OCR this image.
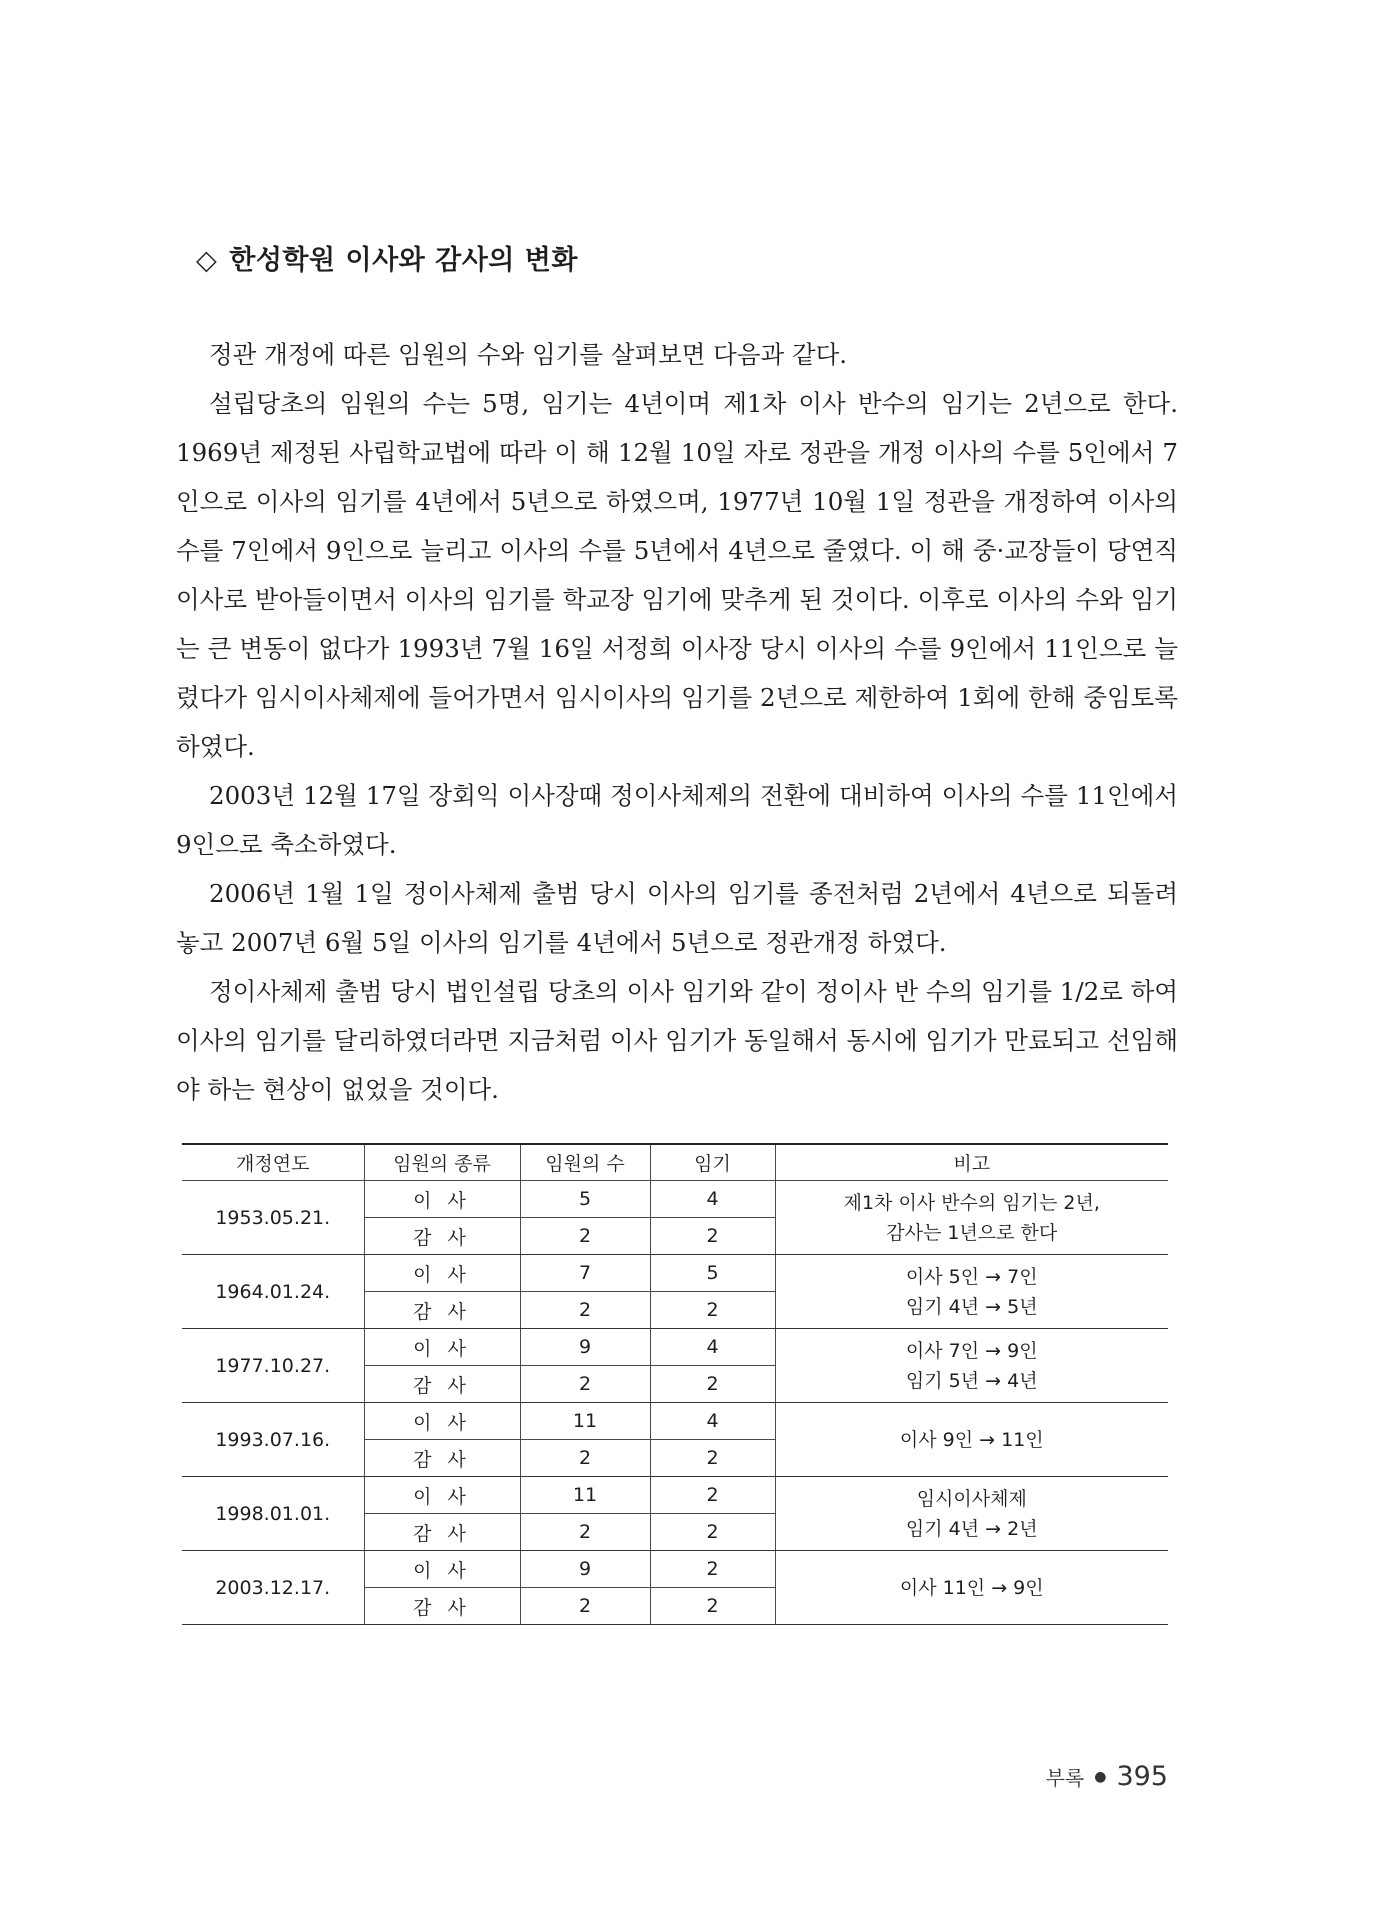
◇ 한성학원 이사와 감사의 변화

정관 개정에 따른 임원의 수와 임기를 살펴보면 다음과 같다.

설립당초의 임원의 수는 5명, 임기는 4년이며 제1차 이사 반수의 임기는 2년으로 한다. 1969년 제정된 사립학교법에 따라 이 해 12월 10일 자로 정관을 개정 이사의 수를 5인에서 7인으로 이사의 임기를 4년에서 5년으로 하였으며, 1977년 10월 1일 정관을 개정하여 이사의 수를 7인에서 9인으로 늘리고 이사의 수를 5년에서 4년으로 줄였다. 이 해 중·교장들이 당연직 이사로 받아들이면서 이사의 임기를 학교장 임기에 맞추게 된 것이다. 이후로 이사의 수와 임기는 큰 변동이 없다가 1993년 7월 16일 서정희 이사장 당시 이사의 수를 9인에서 11인으로 늘렸다가 임시이사체제에 들어가면서 임시이사의 임기를 2년으로 제한하여 1회에 한해 중임토록 하였다.

2003년 12월 17일 장회익 이사장때 정이사체제의 전환에 대비하여 이사의 수를 11인에서 9인으로 축소하였다.

2006년 1월 1일 정이사체제 출범 당시 이사의 임기를 종전처럼 2년에서 4년으로 되돌려 놓고 2007년 6월 5일 이사의 임기를 4년에서 5년으로 정관개정 하였다.

정이사체제 출범 당시 법인설립 당초의 이사 임기와 같이 정이사 반 수의 임기를 1/2로 하여 이사의 임기를 달리하였더라면 지금처럼 이사 임기가 동일해서 동시에 임기가 만료되고 선임해야 하는 현상이 없었을 것이다.

개정연도	임원의 종류	임원의 수	임기	비고
1953.05.21.	이 사	5	4	제1차 이사 반수의 임기는 2년,
감사는 1년으로 한다

	감 사	2	2	
1964.01.24.	이 사	7	5	이사 5인 → 7인
임기 4년 → 5년

	감 사	2	2	
1977.10.27.	이 사	9	4	이사 7인 → 9인
임기 5년 → 4년

	감 사	2	2	
1993.07.16.	이 사	11	4	이사 9인 → 11인

	감 사	2	2	
1998.01.01.	이 사	11	2	임시이사체제
임기 4년 → 2년

	감 사	2	2	
2003.12.17.	이 사	9	2	이사 11인 → 9인

	감 사	2	2	
부록 ● 395
